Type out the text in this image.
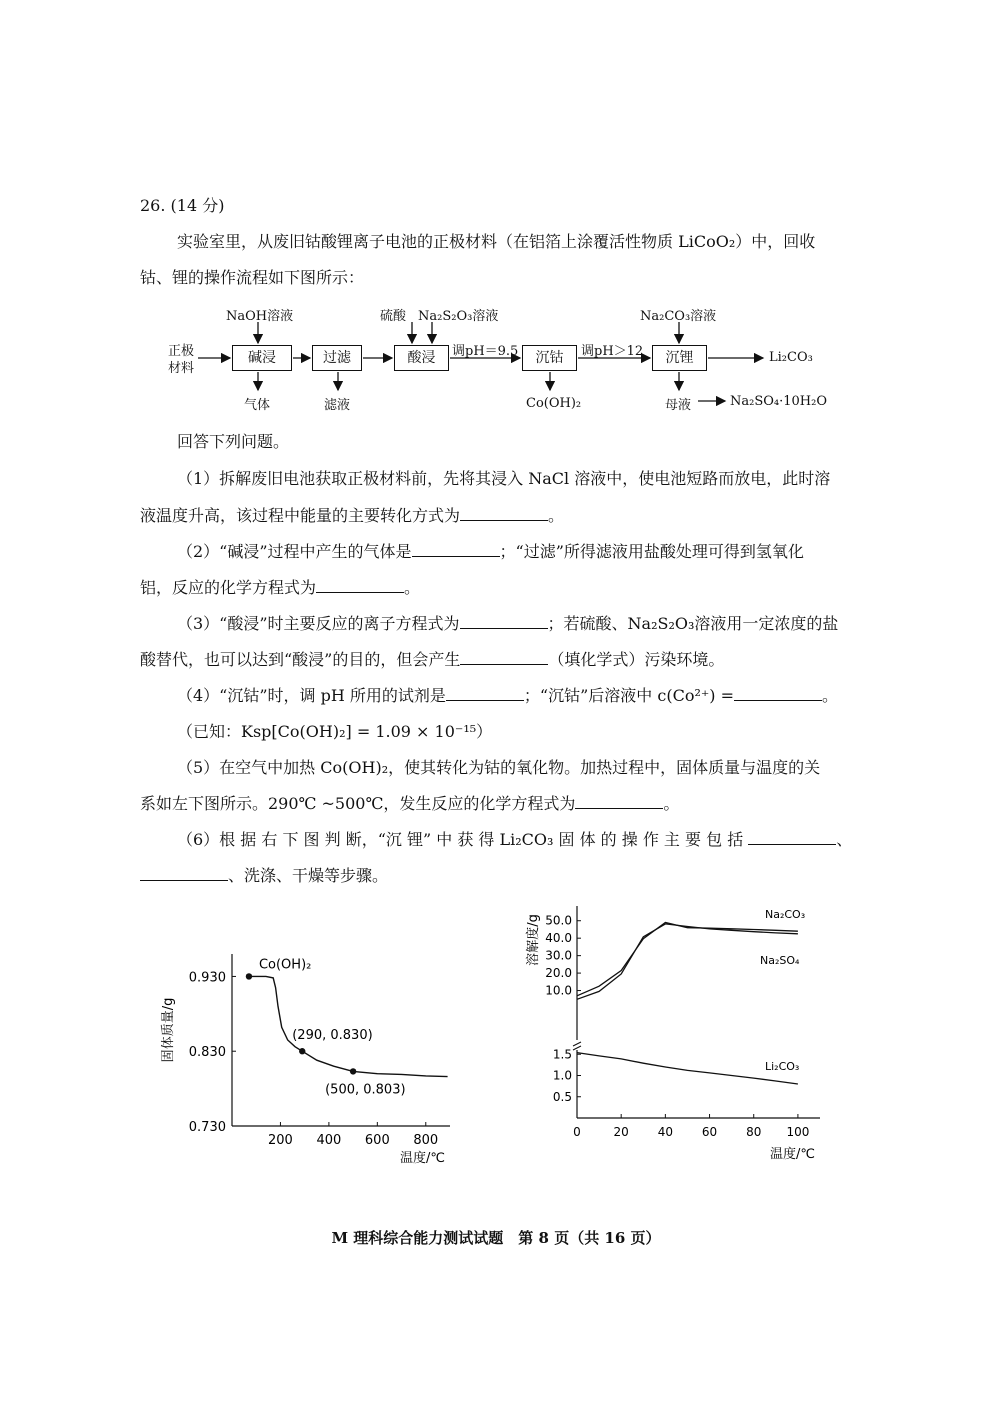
26. (14 分)
实验室里，从废旧钴酸锂离子电池的正极材料（在铝箔上涂覆活性物质 LiCoO₂）中，回收
钴、锂的操作流程如下图所示：
正极
材料
碱浸	过滤	酸浸	沉钴	沉锂
NaOH溶液	硫酸 Na₂S₂O₃溶液	Na₂CO₃溶液
调pH＝9.5	调pH＞12
气体	滤液	Co(OH)₂	母液
Li₂CO₃
Na₂SO₄·10H₂O
回答下列问题。
（1）拆解废旧电池获取正极材料前，先将其浸入 NaCl 溶液中，使电池短路而放电，此时溶
液温度升高，该过程中能量的主要转化方式为	。
（2）“碱浸”过程中产生的气体是	；“过滤”所得滤液用盐酸处理可得到氢氧化
铝，反应的化学方程式为	。
（3）“酸浸”时主要反应的离子方程式为	；若硫酸、Na₂S₂O₃溶液用一定浓度的盐
酸替代，也可以达到“酸浸”的目的，但会产生	（填化学式）污染环境。
（4）“沉钴”时，调 pH 所用的试剂是	；“沉钴”后溶液中 c(Co²⁺) =	。
（已知：Ksp[Co(OH)₂] = 1.09 × 10⁻¹⁵）
（5）在空气中加热 Co(OH)₂，使其转化为钴的氧化物。加热过程中，固体质量与温度的关
系如左下图所示。290℃ ~500℃，发生反应的化学方程式为	。
（6）根 据 右 下 图 判 断，“沉 锂” 中 获 得 Li₂CO₃ 固 体 的 操 作 主 要 包 括	、
、洗涤、干燥等步骤。
200 400 600 800
0.930
0.830
0.730
温度/℃
固体质量/g
Co(OH)₂
(290, 0.830)
(500, 0.803)
0	20 40 60 80 100
50.0
40.0
30.0
20.0
10.0
1.5
1.0
0.5
温度/℃
溶解度/g	Na₂CO₃
Na₂SO₄
Li₂CO₃
M 理科综合能力测试试题　第 8 页（共 16 页）
